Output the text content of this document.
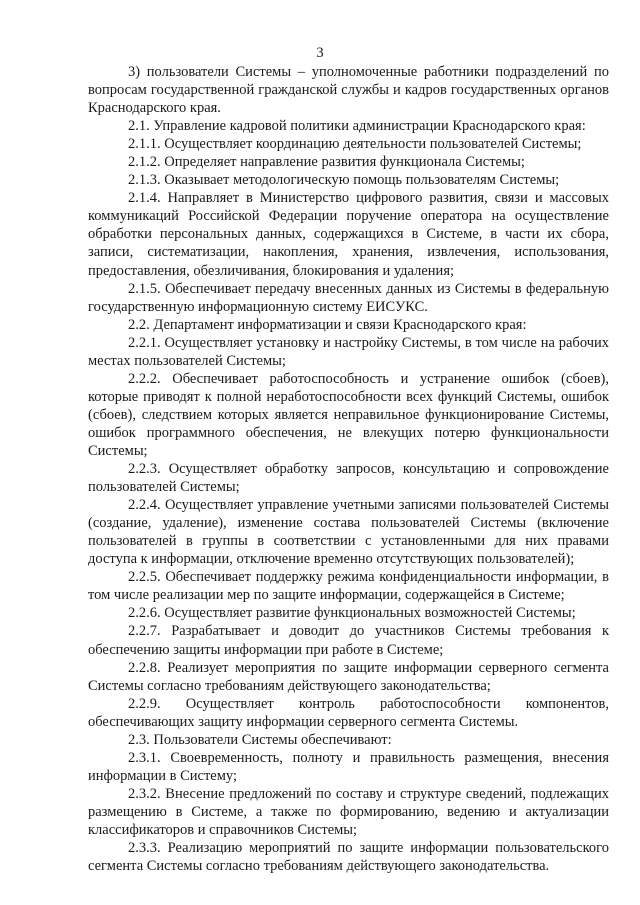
3

3) пользователи Системы – уполномоченные работники подразделений по вопросам государственной гражданской службы и кадров государственных органов Краснодарского края.

2.1. Управление кадровой политики администрации Краснодарского края:

2.1.1. Осуществляет координацию деятельности пользователей Системы;

2.1.2. Определяет направление развития функционала Системы;

2.1.3. Оказывает методологическую помощь пользователям Системы;

2.1.4. Направляет в Министерство цифрового развития, связи и массовых коммуникаций Российской Федерации поручение оператора на осуществление обработки персональных данных, содержащихся в Системе, в части их сбора, записи, систематизации, накопления, хранения, извлечения, использования, предоставления, обезличивания, блокирования и удаления;

2.1.5. Обеспечивает передачу внесенных данных из Системы в федеральную государственную информационную систему ЕИСУКС.

2.2. Департамент информатизации и связи Краснодарского края:

2.2.1. Осуществляет установку и настройку Системы, в том числе на рабочих местах пользователей Системы;

2.2.2. Обеспечивает работоспособность и устранение ошибок (сбоев), которые приводят к полной неработоспособности всех функций Системы, ошибок (сбоев), следствием которых является неправильное функционирование Системы, ошибок программного обеспечения, не влекущих потерю функциональности Системы;

2.2.3. Осуществляет обработку запросов, консультацию и сопровождение пользователей Системы;

2.2.4. Осуществляет управление учетными записями пользователей Системы (создание, удаление), изменение состава пользователей Системы (включение пользователей в группы в соответствии с установленными для них правами доступа к информации, отключение временно отсутствующих пользователей);

2.2.5. Обеспечивает поддержку режима конфиденциальности информации, в том числе реализации мер по защите информации, содержащейся в Системе;

2.2.6. Осуществляет развитие функциональных возможностей Системы;

2.2.7. Разрабатывает и доводит до участников Системы требования к обеспечению защиты информации при работе в Системе;

2.2.8. Реализует мероприятия по защите информации серверного сегмента Системы согласно требованиям действующего законодательства;

2.2.9. Осуществляет контроль работоспособности компонентов, обеспечивающих защиту информации серверного сегмента Системы.

2.3. Пользователи Системы обеспечивают:

2.3.1. Своевременность, полноту и правильность размещения, внесения информации в Систему;

2.3.2. Внесение предложений по составу и структуре сведений, подлежащих размещению в Системе, а также по формированию, ведению и актуализации классификаторов и справочников Системы;

2.3.3. Реализацию мероприятий по защите информации пользовательского сегмента Системы согласно требованиям действующего законодательства.
